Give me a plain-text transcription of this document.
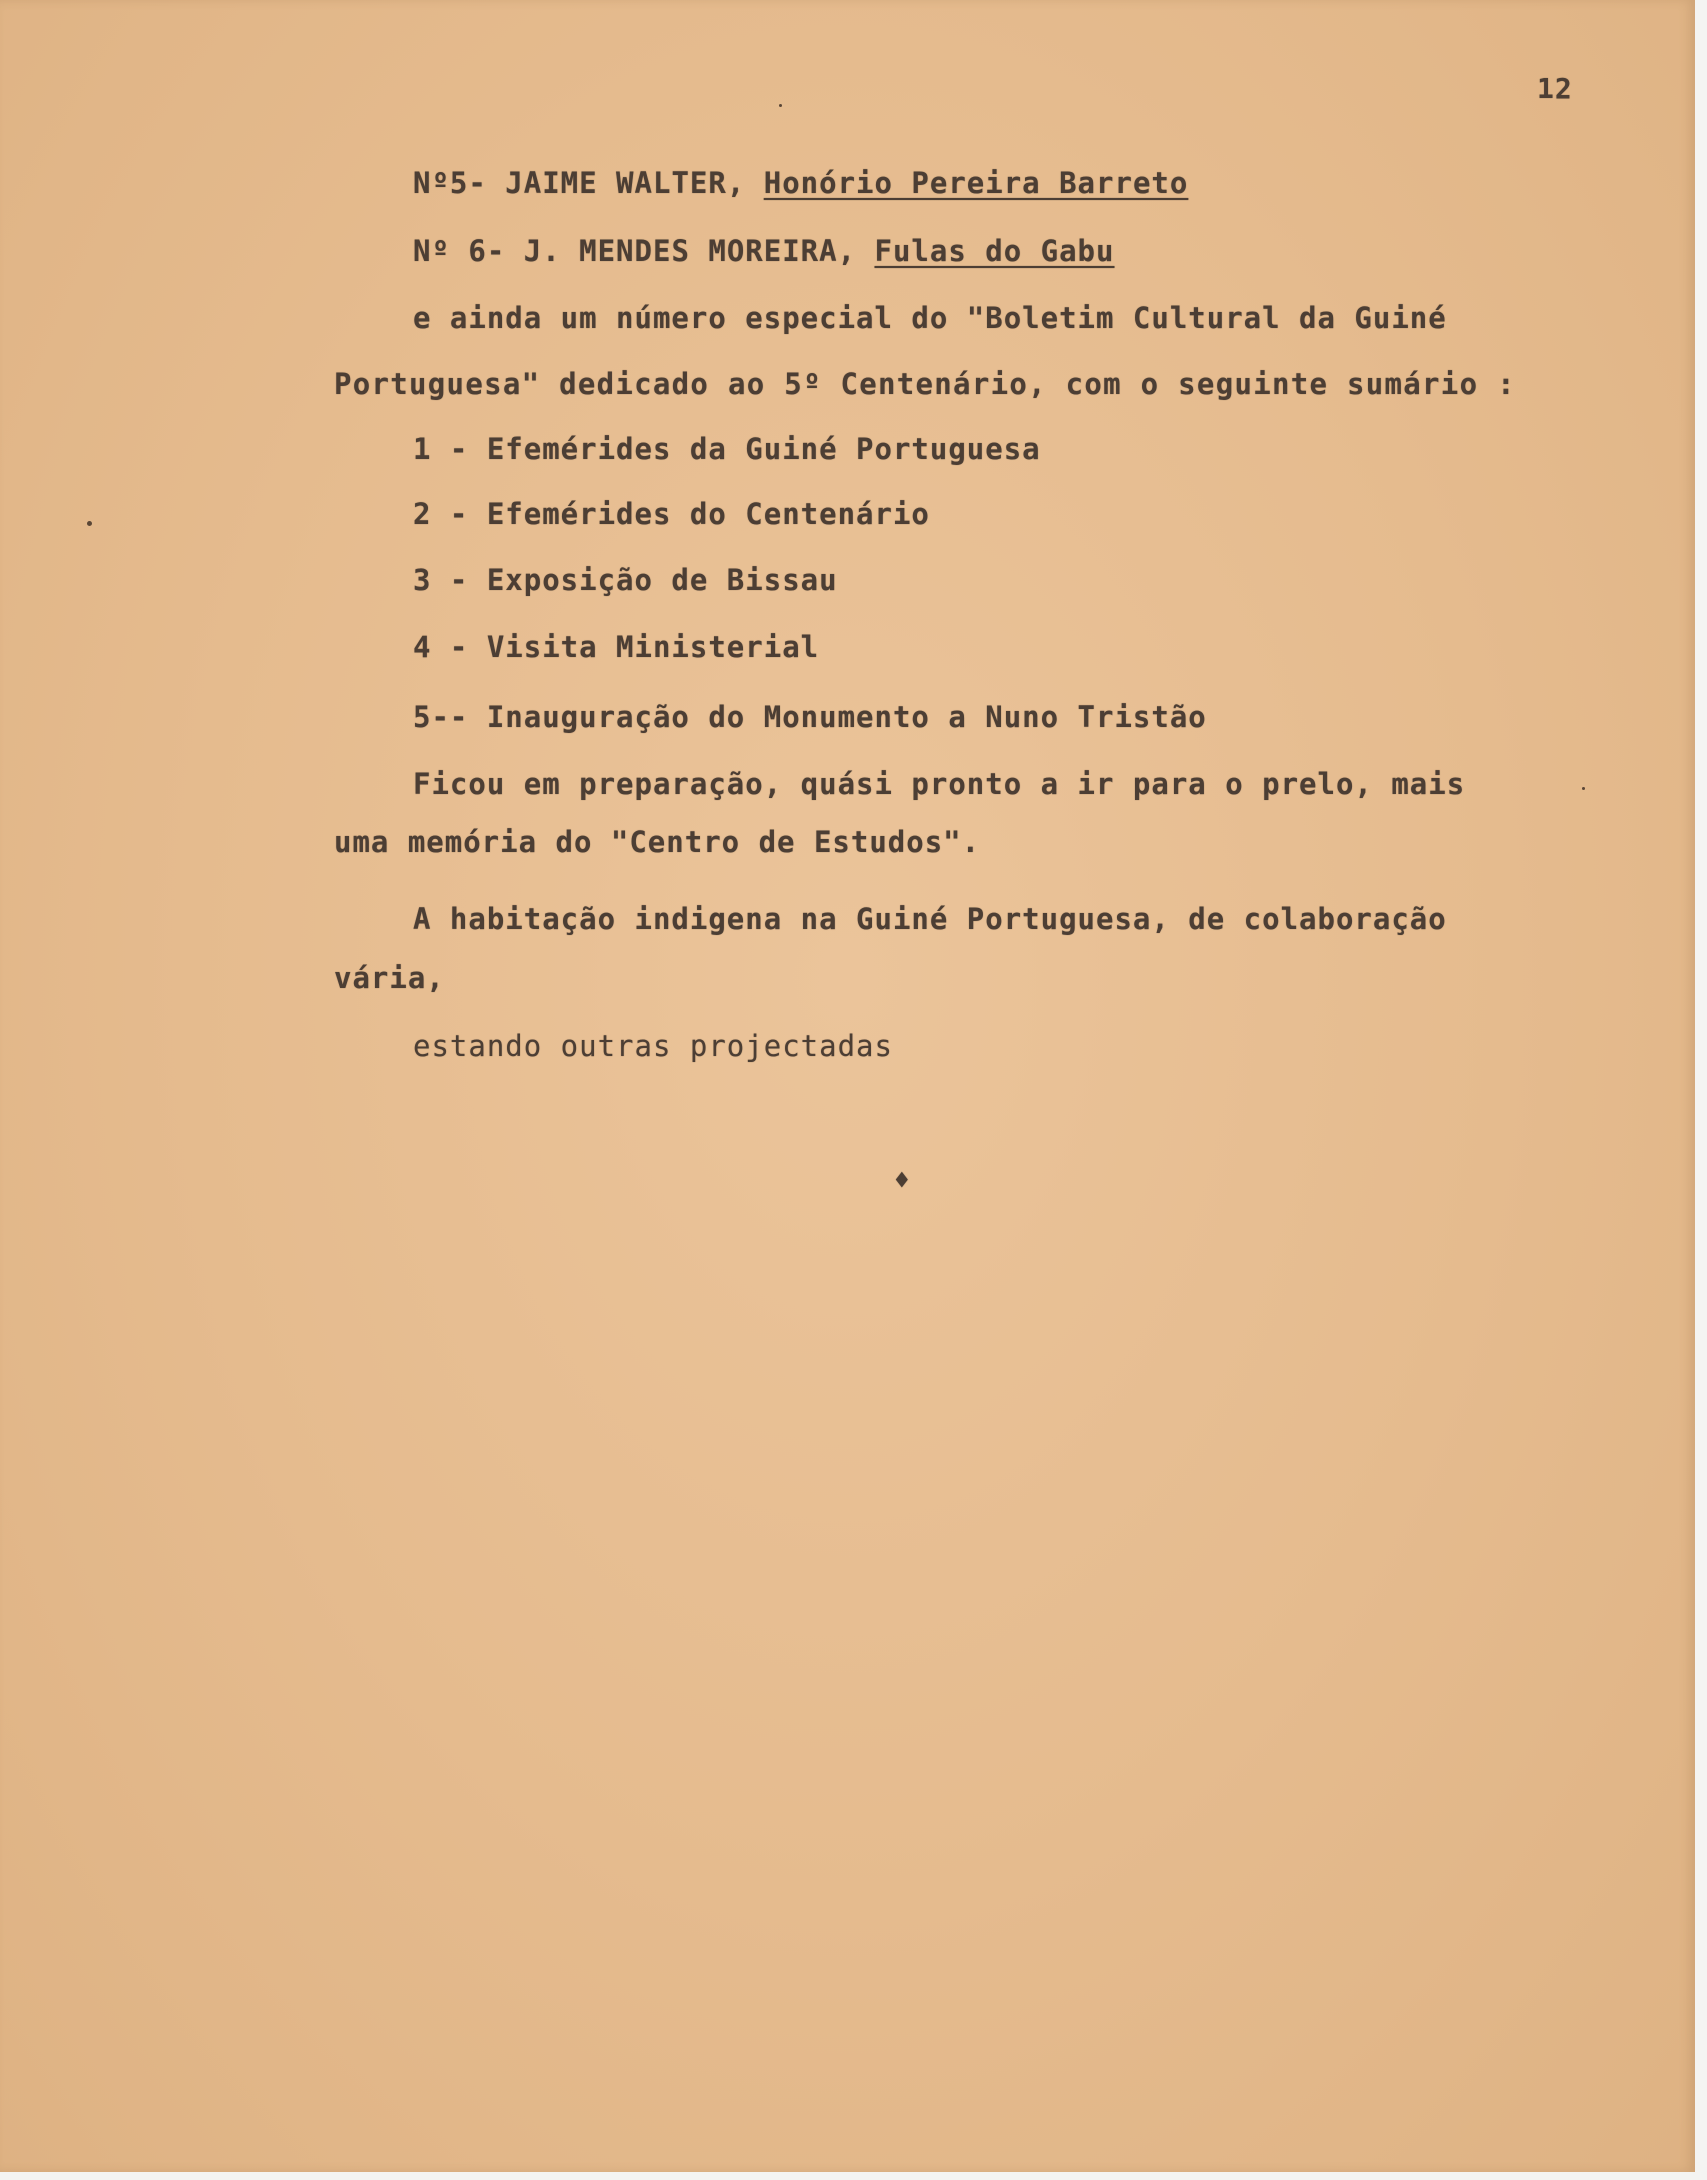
12
Nº5- JAIME WALTER, Honório Pereira Barreto
Nº 6- J. MENDES MOREIRA, Fulas do Gabu
e ainda um número especial do "Boletim Cultural da Guiné
Portuguesa" dedicado ao 5º Centenário, com o seguinte sumário :
1 - Efemérides da Guiné Portuguesa
2 - Efemérides do Centenário
3 - Exposição de Bissau
4 - Visita Ministerial
5-- Inauguração do Monumento a Nuno Tristão
Ficou em preparação, quási pronto a ir para o prelo, mais
uma memória do "Centro de Estudos".
A habitação indigena na Guiné Portuguesa, de colaboração
vária,
estando outras projectadas
♦
